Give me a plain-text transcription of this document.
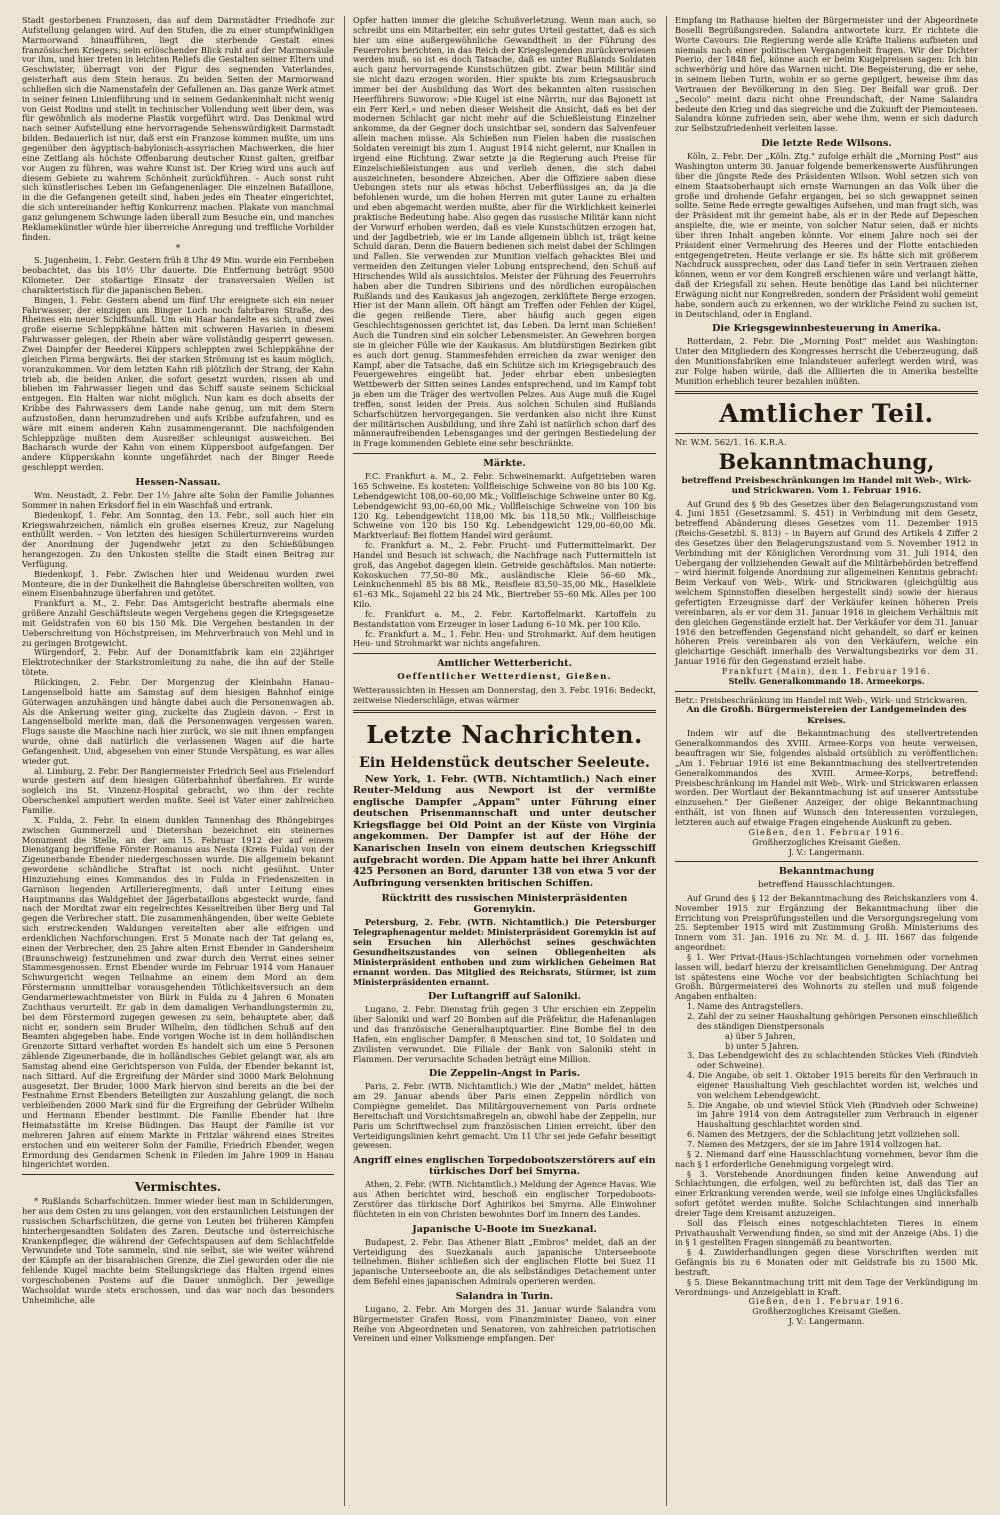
Stadt gestorbenen Franzosen, das auf dem Darmstädter Friedhofe zur Aufstellung gelangen wird. Auf den Stufen, die zu einer stumpfwinkligen Marmorwand hinaufführen, liegt die sterbende Gestalt eines französischen Kriegers; sein erlöschender Blick ruht auf der Marmorsäule vor ihm, und hier treten in leichten Reliefs die Gestalten seiner Eltern und Geschwister, überragt von der Figur des segnenden Vaterlandes, geisterhaft aus dem Stein heraus. Zu beiden Seiten der Marmorwand schließen sich die Namenstafeln der Gefallenen an. Das ganze Werk atmet in seiner feinen Linienführung und in seinem Gedankeninhalt nicht wenig von Geist Rodins und stellt in technischer Vollendung weit über dem, was für gewöhnlich als moderne Plastik vorgeführt wird. Das Denkmal wird nach seiner Aufstellung eine hervorragende Sehenswürdigkeit Darmstadt bilden. Bedauerlich ist nur, daß erst ein Franzose kommen mußte, um uns gegenüber den ägyptisch-babylonisch-assyrischen Machwerken, die hier eine Zeitlang als höchste Offenbarung deutscher Kunst galten, greifbar vor Augen zu führen, was wahre Kunst ist. Der Krieg wird uns auch auf diesem Gebiete zu wahrem Schönheit zurückführen. – Auch sonst ruht sich künstlerisches Leben im Gefangenenlager. Die einzelnen Bataillone, in die die Gefangenen geteilt sind, haben jedes ein Theater eingerichtet, die sich untereinander heftig Konkurrenz machen. Plakate von manchmal ganz gelungenem Schwunge laden überall zum Besuche ein, und manches Reklamekünstler würde hier überreiche Anregung und treffliche Vorbilder finden.

*

S. Jugenheim, 1. Febr. Gestern früh 8 Uhr 49 Min. wurde ein Fernbeben beobachtet, das bis 10½ Uhr dauerte. Die Entfernung beträgt 9500 Kilometer. Der stoßartige Einsatz der transversalen Wellen ist charakteristisch für die japanischen Beben.

Bingen, 1. Febr. Gestern abend um fünf Uhr ereignete sich ein neuer Fahrwasser, der einzigen am Binger Loch noch fahrbaren Straße, des Rheines ein neuer Schiffsunfall. Um ein Haar handelte es sich, und zwei große eiserne Schleppkähne hätten mit schweren Havarien in diesem Fahrwasser gelegen, der Rhein aber wäre vollständig gesperrt gewesen. Zwei Dampfer der Reederei Küppers schleppten zwei Schleppkähne der gleichen Firma bergwärts. Bei der starken Strömung ist es kaum möglich, voranzukommen. Vor dem letzten Kahn riß plötzlich der Strang, der Kahn trieb ab, die beiden Anker, die sofort gesetzt wurden, rissen ab und blieben im Fahrwasser liegen und das Schiff sauste seinem Schicksal entgegen. Ein Halten war nicht möglich. Nun kam es doch abseits der Kribbe des Fahrwassers dem Lande nahe genug, um mit dem Stern aufzustoßen, dann herumzudrehen und aufs Kribbe aufzufahren, und es wäre mit einem anderen Kahn zusammengerannt. Die nachfolgenden Schleppzüge mußten dem Ausreißer schleunigst ausweichen. Bei Bacharach wurde der Kahn von einem Küppersboot aufgefangen. Der andere Küpperskahn konnte ungefährdet nach der Binger Reede geschleppt werden.

Hessen-Nassau.

Wm. Neustadt, 2. Febr. Der 1½ Jahre alte Sohn der Familie Johannes Sommer in nahen Erksdorf fiel in ein Waschfaß und ertrank.

Biedenkopf, 1. Febr. Am Sonntag, den 13. Febr., soll auch hier ein Kriegswahrzeichen, nämlich ein großes eisernes Kreuz, zur Nagelung enthüllt werden. – Von letzten des hiesigen Schülerturnvereins wurden der Anordnung der Jugendwehr jetzt zu den Schießübungen herangezogen. Zu den Unkosten stellte die Stadt einen Beitrag zur Verfügung.

Biedenkopf, 1. Febr. Zwischen hier und Weidenau wurden zwei Monteure, die in der Dunkelheit die Bahngleise überschreiten wollten, von einem Eisenbahnzuge überfahren und getötet.

Frankfurt a. M., 2. Febr. Das Amtsgericht bestrafte abermals eine größere Anzahl Geschäftsleute wegen Vergehens gegen die Kriegsgesetze mit Geldstrafen von 60 bis 150 Mk. Die Vergehen bestanden in der Ueberschreitung von Höchstpreisen, im Mehrverbrauch von Mehl und in zu geringen Brotgewicht.

Würgendorf, 2. Febr. Auf der Donamitfabrik kam ein 22jähriger Elektrotechniker der Starkstromleitung zu nahe, die ihn auf der Stelle tötete.

Rückingen, 2. Febr. Der Morgenzug der Kleinbahn Hanau–Langenselbold hatte am Samstag auf dem hiesigen Bahnhof einige Güterwagen anzuhängen und hängte dabei auch die Personenwagen ab. Als die Ankerung weiter ging, zuckelte das Zuglein davon. – Erst in Langenselbold merkte man, daß die Personenwagen vergessen waren. Flugs sauste die Maschine nach hier zurück, wo sie mit ihnen empfangen wurde, ohne daß natürlich die verlassenen Wagen auf die harte Gefangenheit. Und, abgesehen von einer Stunde Verspätung, es war alles wieder gut.

al. Limburg, 2. Febr. Der Rangiermeister Friedrich Seel aus Frielendorf wurde gestern auf dem hiesigen Güterbahnhof überfahren. Er wurde sogleich ins St. Vinzenz-Hospital gebracht, wo ihm der rechte Oberschenkel amputiert werden mußte. Seel ist Vater einer zahlreichen Familie.

X. Fulda, 2. Febr. In einem dunklen Tannenhag des Rhöngebirges zwischen Gummerzell und Dietershan bezeichnet ein steinernes Monument die Stelle, an der am 15. Februar 1912 der auf einem Dienstgang begriffene Förster Romanus aus Nesta (Kreis Fulda) von der Zigeunerbande Ebender niedergeschossen wurde. Die allgemein bekannt gewordene schändliche Straftat ist noch nicht gesühnt. Unter Hinzuziehung eines Kommandos des in Fulda in Friedenszeiten in Garnison liegenden Artillerieregiments, daß unter Leitung eines Hauptmanns das Waldgebiet der Jägerbataillons abgesteckt wurde, fand nach der Mordtat zwar ein regelrechtes Kesseltreiben über Berg und Tal gegen die Verbrecher statt. Die zusammenhängenden, über weite Gebiete sich erstreckenden Waldungen vereitelten aber alle eifrigen und erdenklichen Nachforschungen. Erst 5 Monate nach der Tat gelang es, einen der Verbrecher, den 25 Jahre alten Ernst Ebender in Gandersheim (Braunschweig) festzunehmen und zwar durch den Verrat eines seiner Stammesgenossen. Ernst Ebender wurde im Februar 1914 vom Hanauer Schwurgericht wegen Teilnahme an einem dem Mord an dem Förstermann unmittelbar vorausgehenden Tötlichkeitsversuch an dem Gendarmeriewachtmeister von Bürk in Fulda zu 4 Jahren 6 Monaten Zuchthaus verurteilt. Er gab in dem damaligen Verhandlungstermin zu, bei dem Förstermord zugegen gewesen zu sein, behauptete aber, daß nicht er, sondern sein Bruder Wilhelm, den tödlichen Schuß auf den Beamten abgegeben habe. Ende vorigen Woche ist in dem holländischen Grenzorte Sittard verhaftet worden Es handelt sich um eine 5 Personen zählende Zigeunerbande, die in holländisches Gebiet gelangt war, als am Samstag abend eine Gerichtsperson von Fulda, der Ebender bekannt ist, nach Sittard. Auf die Ergreifung der Mörder sind 3000 Mark Belohnung ausgesetzt. Der Bruder, 1000 Mark hiervon sind bereits an die bei der Festnahme Ernst Ebenders Beteiligten zur Auszahlung gelangt, die noch verbleibenden 2000 Mark sind für die Ergreifung der Gebrüder Wilhelm und Hermann Ebender bestimmt. Die Familie Ebender hat ihre Heimatsstätte im Kreise Büdingen. Das Haupt der Familie ist vor mehreren Jahren auf einem Markte in Fritzlar während eines Streites erstochen und ein weiterer Sohn der Familie, Friedrich Ebender, wegen Ermordung des Gendarmen Schenk in Fileden im Jahre 1909 in Hanau hingerichtet worden.

Vermischtes.

* Rußlands Scharfschützen. Immer wieder liest man in Schilderungen, her aus dem Osten zu uns gelangen, von den erstaunlichen Leistungen der russischen Scharfschützen, die gerne von Leuten bei früheren Kämpfen hinterhergesandten Soldaten des Zaren. Deutsche und österreichische Krankenpfleger, die während der Gefechtspausen auf dem Schlachtfelde Verwundete und Tote sammeln, sind nie selbst, sie wie weiter während der Kämpfe an der bisarabischen Grenze, die Ziel geworden oder die nie fehlende Kugel machte beim Stellungskriege das Halten irgend eines vorgeschobenen Postens auf die Dauer unmöglich. Der jeweilige Wachsoldat wurde stets erschossen, und das war noch das besonders Unheimliche, alle

Opfer hatten immer die gleiche Schußverletzung. Wenn man auch, so schreibt uns ein Mitarbeiter, ein sehr gutes Urteil gestattet, daß es sich hier um eine außergewöhnliche Gewandtheit in der Führung des Feuerrohrs berichten, in das Reich der Kriegslegenden zurückverwiesen werden muß, so ist es doch Tatsache, daß es unter Rußlands Soldaten auch ganz hervorragende Kunstschützen gibt. Zwar beim Militär sind sie nicht dazu erzogen worden. Hier spukte bis zum Kriegsausbruch immer bei der Ausbildung das Wort des bekannten alten russischen Heerführers Suworow: »Die Kugel ist eine Närrin, nur das Bajonett ist ein Ferr Kerl,« und neben dieser Weisheit die Ansicht, daß es bei der modernen Schlacht gar nicht mehr auf die Schießleistung Einzelner ankomme, da der Gegner doch unsichtbar sei, sondern das Salvenfeuer allein machen müsse. Als Schießen nun Fielen haben die russischen Soldaten vereinigt bis zum 1. August 1914 nicht gelernt, nur Knallen in irgend eine Richtung. Zwar setzte ja die Regierung auch Preise für Einzelschießleistungen aus und verlieh denen, die sich dabei auszeichneten, besondere Abzeichen. Aber die Offiziere saben diese Uebungen stets nur als etwas höchst Ueberflüssiges an, da ja die befohlenen wurde, um die hohen Herren mit guter Laune zu erhalten und eben abgemacht werden mußte, aber für die Wirklichkeit keinerlei praktische Bedeutung habe. Also gegen das russische Militär kann nicht der Vorwurf erhoben werden, daß es viele Kunstschützen erzogen hat, und der Jagdbetrieb, wie er im Lande allgemein üblich ist, trägt keine Schuld daran. Denn die Bauern bedienen sich meist dabei der Schlingen und Fallen. Sie verwenden zur Munition vielfach gehacktes Blei und vermeiden den Zeitungen vieler Lobung entsprechend, den Schuß auf Hirschendes Wild als aussichtslos. Meister der Führung des Feuerrohrs haben aber die Tundren Sibiriens und des nördlichen europäischen Rußlands und des Kaukasus jah angezogen, zerklüftete Berge erzogen. Hier ist der Mann allein. Oft hängt am Treffen oder Fehlen der Kugel, die gegen reißende Tiere, aber häufig auch gegen eigen Geschlechtsgenossen gerichtet ist, das Leben. Da lernt man Schießen! Auch die Tundren sind ein solcher Lebensmeister. An Gewehren borgen sie in gleicher Fülle wie der Kaukasus. Am blutdürstigen Bezirken gibt es auch dort genug. Stammesfehden erreichen da zwar weniger den Kampf, aber die Tatsache, daß ein Schütze sich im Kriegsgebrauch des Feuergewehres eingeübt hat. Jeder ehrbar eben unbesiegten Wettbewerb der Sitten seines Landes entsprechend, und im Kampf tobt ja eben um die Träger des wertvollen Pelzes. Aus Auge muß die Kugel treffen, sonst leiden der Preis. Aus solchen Schulen sind Rußlands Scharfschützen hervorgegangen. Sie verdanken also nicht ihre Kunst der militärischen Ausbildung, und ihre Zahl ist natürlich schon darf des männeraufreibenden Lebensganges und der geringen Bestiedelung der in Frage kommenden Gebiete eine sehr beschränkte.

Märkte.

F.C. Frankfurt a. M., 2. Febr. Schweinemarkt. Aufgetrieben waren 165 Schweine. Es kosteten: Vollfleischige Schweine von 80 bis 100 Kg. Lebendgewicht 108,00–60,00 Mk.; Vollfleischige Schweine unter 80 Kg. Lebendgewicht 93,00–60,00 Mk.; Vollfleischige Schweine von 100 bis 120 Kg. Lebendgewicht 118,00 Mk. bis 118,50 Mk.; Vollfleischige Schweine von 120 bis 150 Kg. Lebendgewicht 129,00–60,00 Mk. Marktverlauf: Bei flottem Handel wird geräumt.

fc. Frankfurt a. M., 2. Febr. Frucht- und Futtermittelmarkt. Der Handel und Besuch ist schwach, die Nachfrage nach Futtermitteln ist groß, das Angebot dagegen klein. Getreide geschäftslos. Man notierte: Kokoskuchen 77,50–80 Mk., ausländische Kleie 56–60 Mk., Leinkuchenmehl 85 bis 88 Mk., Reisfleie 83,50–35,00 Mk., Haselkleie 61–63 Mk., Sojamehl 22 bis 24 Mk., Biertreber 55–60 Mk. Alles per 100 Kilo.

fc. Frankfurt a. M., 2. Febr. Kartoffelmarkt. Kartoffeln zu Bestandstation vom Erzeuger in loser Ladung 6–10 Mk. per 100 Kilo.

fc. Frankfurt a. M., 1. Febr. Heu- und Strohmarkt. Auf dem heutigen Heu- und Strohmarkt war nichts angefahren.

Amtlicher Wetterbericht.
Oeffentlicher Wetterdienst, Gießen.

Wetteraussichten in Hessen am Donnerstag, den 3. Febr. 1916: Bedeckt, zeitweise Niederschläge, etwas wärmer

Letzte Nachrichten.
Ein Heldenstück deutscher Seeleute.

New York, 1. Febr. (WTB. Nichtamtlich.) Nach einer Reuter-Meldung aus Newport ist der vermißte englische Dampfer „Appam" unter Führung einer deutschen Prisenmannschaft und unter deutscher Kriegsflagge bei Old Point an der Küste von Virginia angekommen. Der Dampfer ist auf der Höhe der Kanarischen Inseln von einem deutschen Kriegsschiff aufgebracht worden. Die Appam hatte bei ihrer Ankunft 425 Personen an Bord, darunter 138 von etwa 5 vor der Aufbringung versenkten britischen Schiffen.

Rücktritt des russischen Ministerpräsidenten Goremykin.

Petersburg, 2. Febr. (WTB. Nichtamtlich.) Die Petersburger Telegraphenagentur meldet: Ministerpräsident Goremykin ist auf sein Ersuchen hin Allerhöchst seines geschwächten Gesundheitszustandes von seinen Obliegenheiten als Ministerpräsident enthoben und zum wirklichen Geheimen Rat ernannt worden. Das Mitglied des Reichsrats, Stürmer, ist zum Ministerpräsidenten ernannt.

Der Luftangriff auf Saloniki.

Lugano, 2. Febr. Dienstag früh gegen 3 Uhr erschien ein Zeppelin über Saloniki und warf 20 Bomben auf die Präfektur, die Hafenanlagen und das französische Generalhauptquartier. Eine Bombe fiel in den Hafen, ein englischer Dampfer. 8 Menschen sind tot, 10 Soldaten und Zivilisten verwundet. Die Filiale der Bank von Saloniki steht in Flammen. Der verursachte Schaden beträgt eine Million.

Die Zeppelin-Angst in Paris.

Paris, 2. Febr. (WTB. Nichtamtlich.) Wie der „Matin" meldet, hätten am 29. Januar abends über Paris einen Zeppelin nördlich von Compiègne gemeldet. Das Militärgouvernement von Paris ordnete Bereitschaft und Vorsichtsmaßregeln an, obwohl habe der Zeppelin, nur Paris um Schriftwechsel zum französischen Linien erreicht, über den Verteidigungslinien kehrt gemacht. Um 11 Uhr sei jede Gefahr beseitigt gewesen.

Angriff eines englischen Torpedobootszerstörers auf ein türkisches Dorf bei Smyrna.

Athen, 2. Febr. (WTB. Nichtamtlich.) Meldung der Agence Havas. Wie aus Athen berichtet wird, beschoß ein englischer Torpedoboots-Zerstörer das türkische Dorf Aghirikos bei Smyrna. Alle Einwohner flüchteten in ein von Christen bewohntes Dorf im Innern des Landes.

Japanische U-Boote im Suezkanal.

Budapest, 2. Febr. Das Athener Blatt „Embros" meldet, daß an der Verteidigung des Suezkanals auch japanische Unterseeboote teilnehmen. Bisher schließen sich der englischen Flotte bei Suez 11 japanische Unterseeboote an, die als selbständiges Detachement unter dem Befehl eines japanischen Admirals operieren werden.

Salandra in Turin.

Lugano, 2. Febr. Am Morgen des 31. Januar wurde Salandra vom Bürgermeister Grafen Rossi, vom Finanzminister Daneo, von einer Reihe von Abgeordneten und Senatoren, von zahlreichen patriotischen Vereinen und einer Volksmenge empfangen. Der

Empfang im Rathause hielten der Bürgermeister und der Abgeordnete Boselli Begrüßungsreden. Salandra antwortete kurz. Er richtete die Worte Cavours: Die Regierung werde alle Kräfte Italiens aufbieten und niemals nach einer politischen Vergangenheit fragen. Wir der Dichter Poerio, der 1848 fiel, könne auch er beim Kugelpreisen sagen: Ich bin schwerhörig und höre das Warnen nicht. Die Begeisterung, die er sehe, in seinem lieben Turin, wohin er so gerne gepilgert, beweise ihm das Vertrauen der Bevölkerung in den Sieg. Der Beifall war groß. Der „Secolo" meint dazu nicht ohne Freundschaft, der Name Salandra bedeute den Krieg und das siegreiche und die Zukunft der Piemontesen. Salandra könne zufrieden sein, aber wehe ihm, wenn er sich dadurch zur Selbstzufriedenheit verleiten lasse.

Die letzte Rede Wilsons.

Köln, 2. Febr. Der „Köln. Ztg." zufolge erhält die „Morning Post" aus Washington unterm 30. Januar folgende bemerkenswerte Ausführungen über die jüngste Rede des Präsidenten Wilson. Wohl setzen sich von einem Staatsoberhaupt sich ernste Warnungen an das Volk über die große und drohende Gefahr ergangen, bei so sich gewappnet seinen sollte. Seine Rede erregte gewaltiges Aufsehen, und man fragt sich, was der Präsident mit ihr gemeint habe, als er in der Rede auf Depeschen anspielte, die, wie er meinte, von solcher Natur seien, daß er nichts über ihren Inhalt angeben könnte. Vor einem Jahre noch sei der Präsident einer Vermehrung des Heeres und der Flotte entschieden entgegengetreten. Heute verlange er sie. Es hätte sich mit größerem Nachdruck aussprechen, oder das Land tiefer in sein Vertrauen ziehen können, wenn er vor dem Kongreß erschienen wäre und verlangt hätte, daß der Kriegsfall zu sehen. Heute benötige das Land bei nüchterner Erwägung nicht nur Kongreßreden, sondern der Präsident wohl gemeint habe, sondern auch zu erkennen, wo der wirkliche Feind zu suchen ist, in Deutschland, oder in England.

Die Kriegsgewinnbesteuerung in Amerika.

Rotterdam, 2. Febr. Die „Morning Post" meldet aus Washington: Unter den Mitgliedern des Kongresses herrscht die Ueberzeugung, daß den Munitionsfabriken eine Inlandsteuer auferlegt werden wird, was zur Folge haben würde, daß die Alliierten die in Amerika bestellte Munition erheblich teurer bezahlen müßten.

Amtlicher Teil.

Nr. W.M. 562/1. 16. K.R.A.

Bekanntmachung,
betreffend Preisbeschränkungen im Handel mit Web-, Wirk- und Strickwaren. Vom 1. Februar 1916.

Auf Grund des § 9b des Gesetzes über den Belagerungszustand vom 4. Juni 1851 (Gesetzsamml. S. 451) in Verbindung mit dem Gesetz, betreffend Abänderung dieses Gesetzes vom 11. Dezember 1915 (Reichs-Gesetzbl. S. 813) – in Bayern auf Grund des Artikels 4 Ziffer 2 des Gesetzes über den Belagerungszustand vom 5. November 1912 in Verbindung mit der Königlichen Verordnung vom 31. Juli 1914, den Uebergang der vollziehenden Gewalt auf die Militärbehörden betreffend – wird hiermit folgende Anordnung zur allgemeinen Kenntnis gebracht: Beim Verkauf von Web-, Wirk- und Strickwaren (gleichgültig aus welchem Spinnstoffen dieselben hergestellt sind) sowie der hieraus gefertigten Erzeugnisse darf der Verkäufer keinen höheren Preis vereinbaren, als er vor dem 31. Januar 1916 in gleichem Verhältnis mit den gleichen Gegenstände erzielt hat. Der Verkäufer vor dem 31. Januar 1916 den betreffenden Gegenstand nicht gehandelt, so darf er keinen höheren Preis vereinbaren als von den Verkäufern, welche ein gleichartige Geschäft innerhalb des Verwaltungsbezirks vor dem 31. Januar 1916 für den Gegenstand erzielt habe.

Frankfurt (Main), den 1. Februar 1916.

Stellv. Generalkommando 18. Armeekorps.

Betr.: Preisbeschränkung im Handel mit Web-, Wirk- und Strickwaren.

An die Großh. Bürgermeistereien der Landgemeinden des Kreises.

Indem wir auf die Bekanntmachung des stellvertretenden Generalkommandos des XVIII. Armee-Korps von heute verweisen, beauftragen wir Sie, folgendes alsbald ortsüblich zu veröffentlichen: „Am 1. Februar 1916 ist eine Bekanntmachung des stellvertretenden Generalkommandos des XVIII. Armee-Korps, betreffend: Preisbeschränkung im Handel mit Web-, Wirk- und Strickwaren erlassen worden. Der Wortlaut der Bekanntmachung ist auf unserer Amtsstube einzusehen." Der Gießener Anzeiger, der obige Bekanntmachung enthält, ist von Ihnen auf Wunsch den Interessenten vorzulegen, letzteren auch auf etwaige Fragen eingehende Auskunft zu geben.

Gießen, den 1. Februar 1916.

Großherzogliches Kreisamt Gießen.

J. V.: Langermann.

Bekanntmachung
betreffend Hausschlachtungen.

Auf Grund des § 12 der Bekanntmachung des Reichskanzlers vom 4. November 1915 zur Ergänzung der Bekanntmachung über die Errichtung von Preisprüfungsstellen und die Versorgungsregelung vom 25. September 1915 wird mit Zustimmung Großh. Ministeriums des Innern vom 31. Jan. 1916 zu Nr. M. d. J. III. 1667 das folgende angeordnet:

§ 1. Wer Privat-(Haus-)Schlachtungen vornehmen oder vornehmen lassen will, bedarf hierzu der kreisamtlichen Genehmigung. Der Antrag ist spätestens eine Woche vor der beabsichtigten Schlachtung bei Großh. Bürgermeisterei des Wohnorts zu stellen und muß folgende Angaben enthalten:

1. Name des Antragstellers.

2. Zahl der zu seiner Haushaltung gehörigen Personen einschließlich des ständigen Dienstpersonals

a) über 5 Jahren,

b) unter 5 Jahren.

3. Das Lebendgewicht des zu schlachtenden Stückes Vieh (Rindvieh oder Schweine).

4. Die Angabe, ob seit 1. Oktober 1915 bereits für den Verbrauch in eigener Haushaltung Vieh geschlachtet worden ist, welches und von welchem Lebendgewicht.

5. Die Angabe, ob und wieviel Stück Vieh (Rindvieh oder Schweine) im Jahre 1914 von dem Antragsteller zum Verbrauch in eigener Haushaltung geschlachtet worden sind.

6. Namen des Metzgers, der die Schlachtung jetzt vollziehen soll.

7. Namen des Metzgers, der sie im Jahre 1914 vollzogen hat.

§ 2. Niemand darf eine Hausschlachtung vornehmen, bevor ihm die nach § 1 erforderliche Genehmigung vorgelegt wird.

§ 3. Vorstehende Anordnungen finden keine Anwendung auf Schlachtungen, die erfolgen, weil zu befürchten ist, daß das Tier an einer Erkrankung verenden werde, weil sie infolge eines Unglücksfalles sofort getötet werden mußte. Solche Schlachtungen sind innerhalb dreier Tage dem Kreisamt anzuzeigen.

Soll das Fleisch eines notgeschlachteten Tieres in einem Privathaushalt Verwendung finden, so sind mit der Anzeige (Abs. 1) die in § 1 gestellten Fragen sinngemäß zu beantworten.

§ 4. Zuwiderhandlungen gegen diese Vorschriften werden mit Gefängnis bis zu 6 Monaten oder mit Geldstrafe bis zu 1500 Mk. bestraft.

§ 5. Diese Bekanntmachung tritt mit dem Tage der Verkündigung im Verordnungs- und Anzeigeblatt in Kraft.

Gießen, den 1. Februar 1916.

Großherzogliches Kreisamt Gießen.

J. V.: Langermann.
